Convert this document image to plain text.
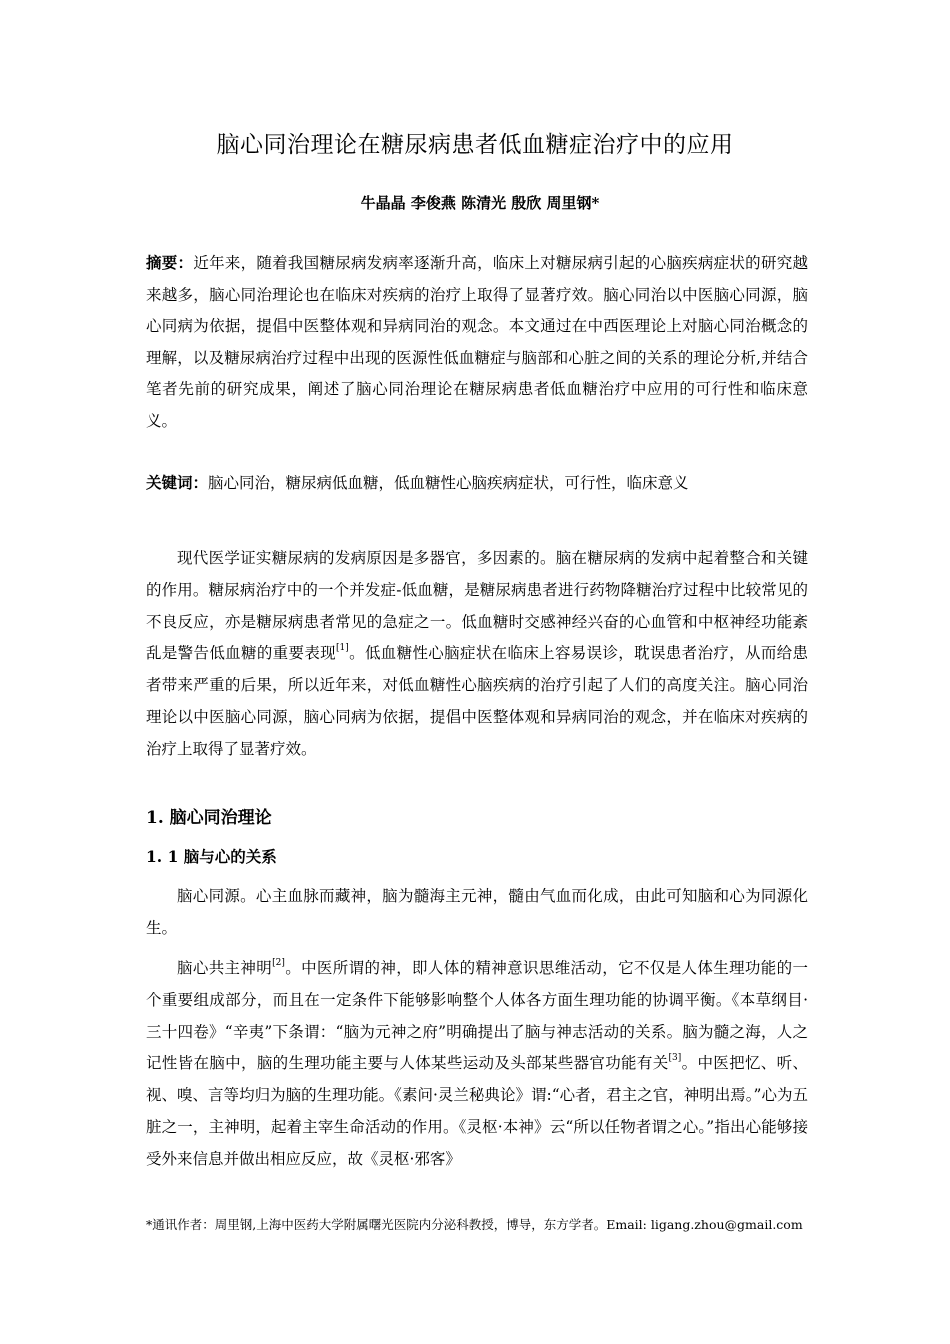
脑心同治理论在糖尿病患者低血糖症治疗中的应用
牛晶晶 李俊燕 陈清光 殷欣 周里钢*
摘要：近年来，随着我国糖尿病发病率逐渐升高，临床上对糖尿病引起的心脑疾病症状的研究越来越多，脑心同治理论也在临床对疾病的治疗上取得了显著疗效。脑心同治以中医脑心同源，脑心同病为依据，提倡中医整体观和异病同治的观念。本文通过在中西医理论上对脑心同治概念的理解，以及糖尿病治疗过程中出现的医源性低血糖症与脑部和心脏之间的关系的理论分析,并结合笔者先前的研究成果，阐述了脑心同治理论在糖尿病患者低血糖治疗中应用的可行性和临床意义。
关键词：脑心同治，糖尿病低血糖，低血糖性心脑疾病症状，可行性，临床意义
现代医学证实糖尿病的发病原因是多器官，多因素的。脑在糖尿病的发病中起着整合和关键的作用。糖尿病治疗中的一个并发症-低血糖，是糖尿病患者进行药物降糖治疗过程中比较常见的不良反应，亦是糖尿病患者常见的急症之一。低血糖时交感神经兴奋的心血管和中枢神经功能紊乱是警告低血糖的重要表现[1]。低血糖性心脑症状在临床上容易误诊，耽误患者治疗，从而给患者带来严重的后果，所以近年来，对低血糖性心脑疾病的治疗引起了人们的高度关注。脑心同治理论以中医脑心同源，脑心同病为依据，提倡中医整体观和异病同治的观念，并在临床对疾病的治疗上取得了显著疗效。
1. 脑心同治理论
1. 1 脑与心的关系
脑心同源。心主血脉而藏神，脑为髓海主元神，髓由气血而化成，由此可知脑和心为同源化生。
脑心共主神明[2]。中医所谓的神，即人体的精神意识思维活动，它不仅是人体生理功能的一个重要组成部分，而且在一定条件下能够影响整个人体各方面生理功能的协调平衡。《本草纲目·三十四卷》“辛夷”下条谓：“脑为元神之府”明确提出了脑与神志活动的关系。脑为髓之海，人之记性皆在脑中，脑的生理功能主要与人体某些运动及头部某些器官功能有关[3]。中医把忆、听、视、嗅、言等均归为脑的生理功能。《素问·灵兰秘典论》谓:“心者，君主之官，神明出焉。”心为五脏之一，主神明，起着主宰生命活动的作用。《灵枢·本神》云“所以任物者谓之心。”指出心能够接受外来信息并做出相应反应，故《灵枢·邪客》
*通讯作者：周里钢,上海中医药大学附属曙光医院内分泌科教授，博导，东方学者。Email: ligang.zhou@gmail.com
